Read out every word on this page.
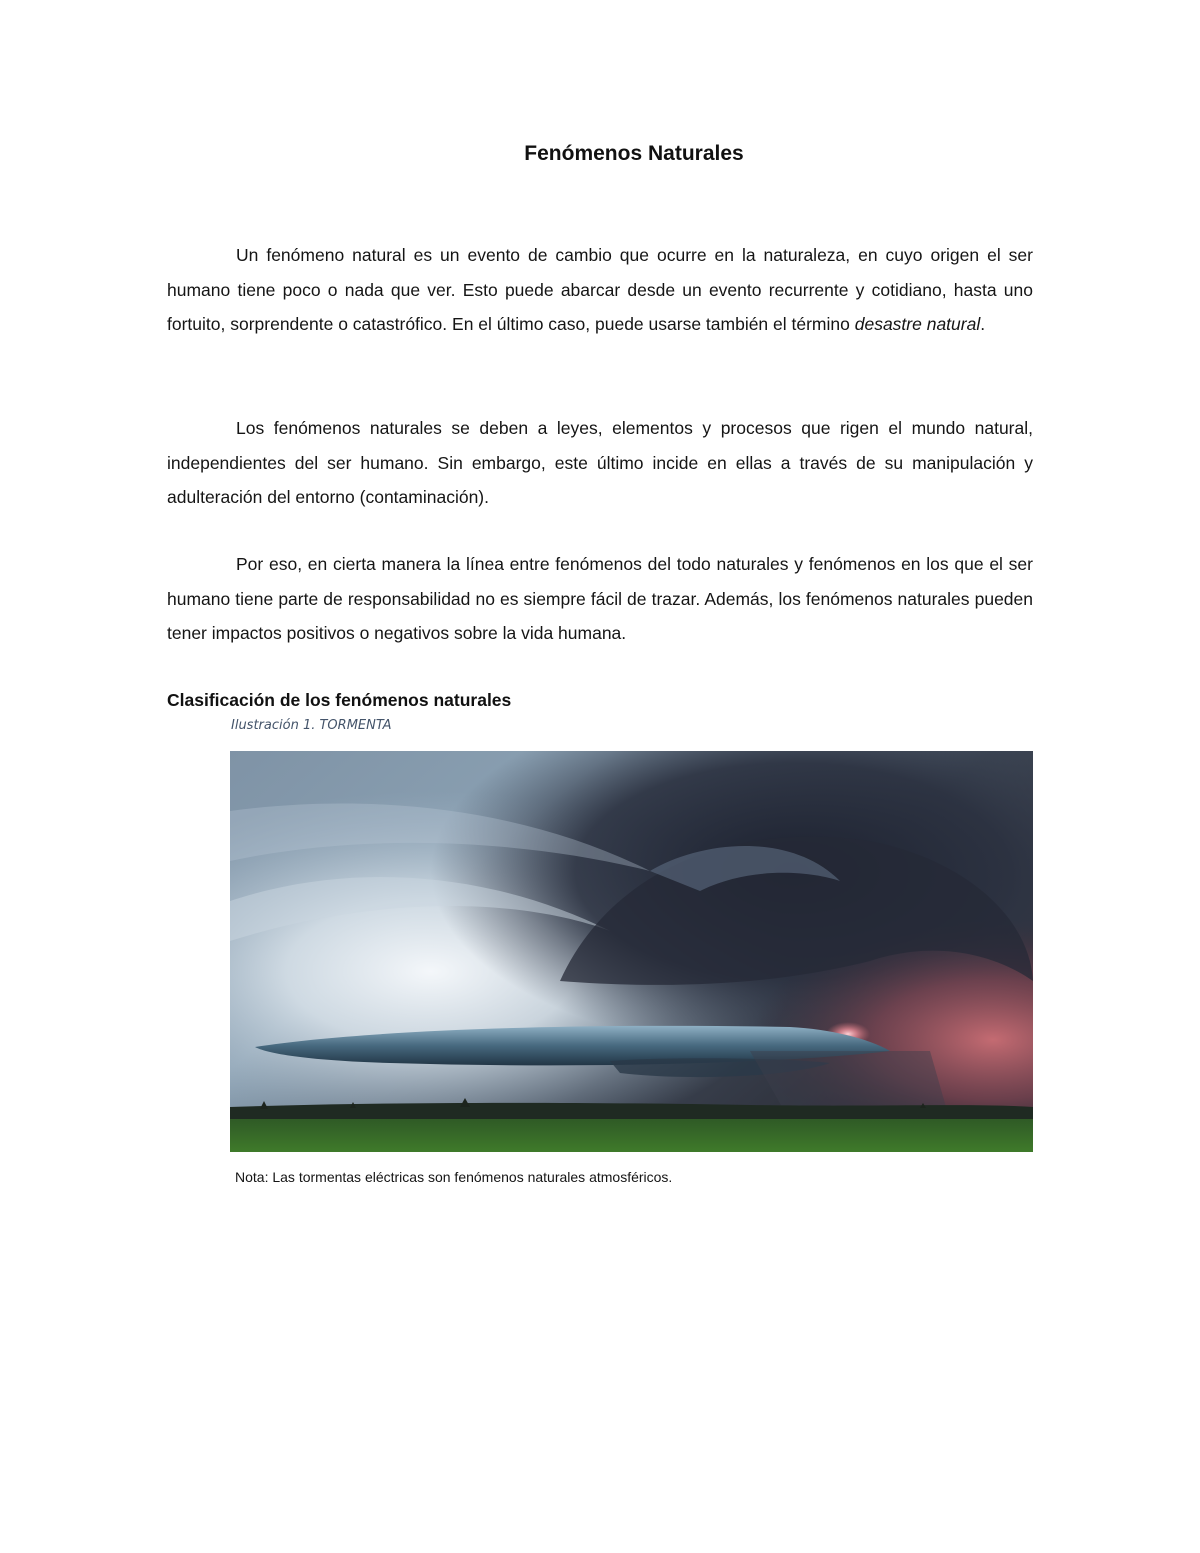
Fenómenos Naturales
Un fenómeno natural es un evento de cambio que ocurre en la naturaleza, en cuyo origen el ser humano tiene poco o nada que ver. Esto puede abarcar desde un evento recurrente y cotidiano, hasta uno fortuito, sorprendente o catastrófico. En el último caso, puede usarse también el término desastre natural.
Los fenómenos naturales se deben a leyes, elementos y procesos que rigen el mundo natural, independientes del ser humano. Sin embargo, este último incide en ellas a través de su manipulación y adulteración del entorno (contaminación).
Por eso, en cierta manera la línea entre fenómenos del todo naturales y fenómenos en los que el ser humano tiene parte de responsabilidad no es siempre fácil de trazar. Además, los fenómenos naturales pueden tener impactos positivos o negativos sobre la vida humana.
Clasificación de los fenómenos naturales
Ilustración 1. TORMENTA
Nota: Las tormentas eléctricas son fenómenos naturales atmosféricos.
